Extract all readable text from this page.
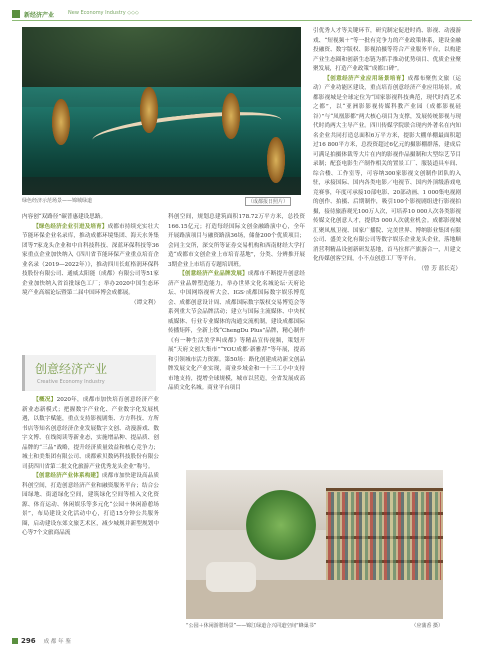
新经济产业	New Economy Industry ◇◇◇
绿色经济示范场景——锦城绿道	（成都报日照片）

引优秀人才等关键环节，研究制定促进时尚、影视、动漫游戏、“短视频＋”等一批有竞争力的产业政策体系，建设金融投融资、数字版权、影视拍摄等符合产业服务平台，以构建产业生态圈和创新生态链为抓手推动优势项目、优质企业聚聚发展，打造产业政策“成都口碑”。

【创意经济产业应用场景培育】成都布聚焦文旅（运动）产业功能区建设，重点培育创意经济产业应用场景。成都影视城是全球定位为“国家影视科技典范，现代时尚艺术之都”，以“亚洲影影视传媒科教产业园（成都影视硅谷）”与“凤凰影都”两大核心项目为支撑，发展传统影视与现代时尚两大主导产业。四川传媒学院联合现内外著名在内知名企业共同打造总面积6万平方米，提影大棚单棚最面积超过16 800平方米，总投资超过6亿元的摄影棚群落，建成后可满足拍摄体裁等大片在内的影视作品摄制和大型综艺节目录制；配套电影生产制作相关的置景工厂、服装道具车间、综合楼、工作室等，可容纳300家影视文创制作团队的入驻，承接国际、国内各类电影／电视节、国内外顶级游戏电竞赛事，年度可承接10部电影、20部动画、1 000集电视剧的创作、拍摄、后期制作，吸引100个影视剧组进行影视拍摄，接待旅游观光100万人次，可培养10 000人次各类影视传媒文化创意人才，提供5 000人次就业机会。成都影视城汇聚凤凰卫视、国家广播院、完美世界、博纳影业集团有限公司、盛美文化有限公司等数字娱乐企业龙头企业，落地顺消营利精品设创新研发基地，首马拉挥产旗游合一，川建文化传媒创客空间，小不点创意工厂等平台。

（曾 芳 蓝长克）

内容创“双路径”碳普惠建设思路。

【绿色经济企业引进及培育】成都市持续充实壮大节能环保企业名录库，推动成都环境集团、海天水务集团等7家龙头企业和中自科技科技、深蓝环保科技等36家重点企业加快纳入《四川省节能环保产业重点培育企业名录（2019—2022年）》，推动四川长虹格润环保科技股份有限公司、通威太阳能（成都）有限公司等51家企业加快纳入省首批绿色工厂；举办2020中国生态环境产业高端论坛暨第二届中国环博会成都展。

（谭文利）

创意经济产业
Creative Economy Industry

【概况】2020年，成都市加快培育创意经济产业新业态新模式；把握数字产业化、产业数字化发展机遇，以数字赋能，重点支持影视剧集、方方科技、方所书店等知名创意经济企业发展数字文创、动漫游戏、数字文博、在线阅读等新业态，实施增品种、提品质、创品牌的“三品”战略，提升经济质量效益和核心竞争力；城土和美集团有限公司、成都索贝数码科技股份有限公司获四川省第二批文化旅游产业优秀龙头企业”称号。

【创意经济产业体系构建】成都市加快建设高品质科创空间，打造创意经济产业和融资服务平台；结合公园绿地、街道绿化空间，建筑绿化空间等植入文化资源、体育运动、休闲娱乐等多元化“公园＋休闲游憩场景”，布局建设文化活动中心，打造15分钟公共服务圈，启动建设东郊文旅艺术区，减少城规并新型规划中心等7个文旅商品流

科创空间，规划总建筑面积178.72万平方米，总投资166.15亿元；打造每经国际文创金融路演中心，全年开展路演项目与融资路演36场，储备200个优质项目；会同主交所，深交所等证券交易机构和西南财经大学打造“成都市文创企业上市培育基地”，分类、分辨推开展3期企业上市培育专题培训班。

【创意经济产业品牌发展】成都市不断提升创意经济产业品牌塑造能力，举办世界文化名城论坛·天府论坛、中国网络视听大会、IGS·成都国际数字娱乐博览会、成都创意设计周、成都国际数字版权交易博览会等系列重大节会品牌活动；建立与国际主流媒体、中央权威媒体、行业专业媒体的沟通交流机制，建设成都国际传播矩阵，全新上线“ChengDu Plus”品牌，精心制作《有一种生活美学叫成都》等精品宣传视频，策划开展“天府文创大集市”“YOU成都·新雅荐”等年展，提高和引领城市活力资源。第50场：路化创建成功新文创品牌发展文化产业实现，商业乡域金和一十三工小中支持市地支持，提增全球规模，城市以营造，全省发展成高品质文化名城。商业平台项目

“公园＋休闲游憩场景”——锦江绿道合兴同道空间“蜂巢书”	（应蒲香 摄）
296 成 都 年 鉴
